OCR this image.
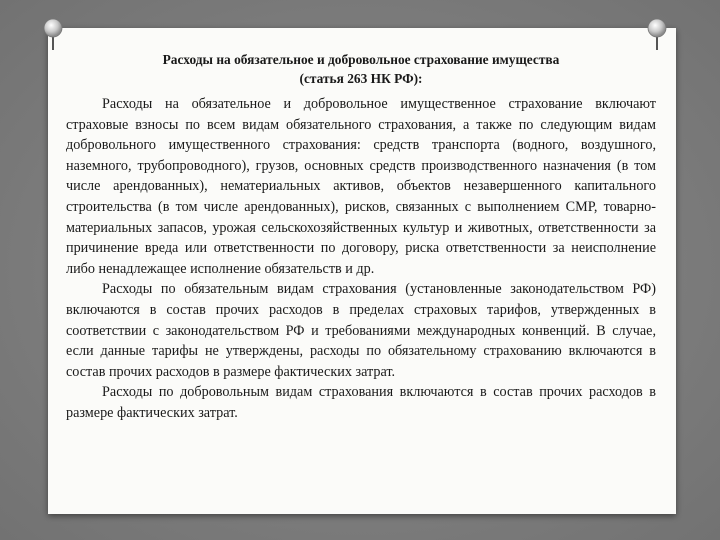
Расходы на обязательное и добровольное страхование имущества
(статья 263 НК РФ):

Расходы на обязательное и добровольное имущественное страхование включают страховые взносы по всем видам обязательного страхования, а также по следующим видам добровольного имущественного страхования: средств транспорта (водного, воздушного, наземного, трубопроводного), грузов, основных средств производственного назначения (в том числе арендованных), нематериальных активов, объектов незавершенного капитального строительства (в том числе арендованных), рисков, связанных с выполнением СМР, товарно-материальных запасов, урожая сельскохозяйственных культур и животных, ответственности за причинение вреда или ответственности по договору, риска ответственности за неисполнение либо ненадлежащее исполнение обязательств и др.

Расходы по обязательным видам страхования (установленные законодательством РФ) включаются в состав прочих расходов в пределах страховых тарифов, утвержденных в соответствии с законодательством РФ и требованиями международных конвенций. В случае, если данные тарифы не утверждены, расходы по обязательному страхованию включаются в состав прочих расходов в размере фактических затрат.

Расходы по добровольным видам страхования включаются в состав прочих расходов в размере фактических затрат.
